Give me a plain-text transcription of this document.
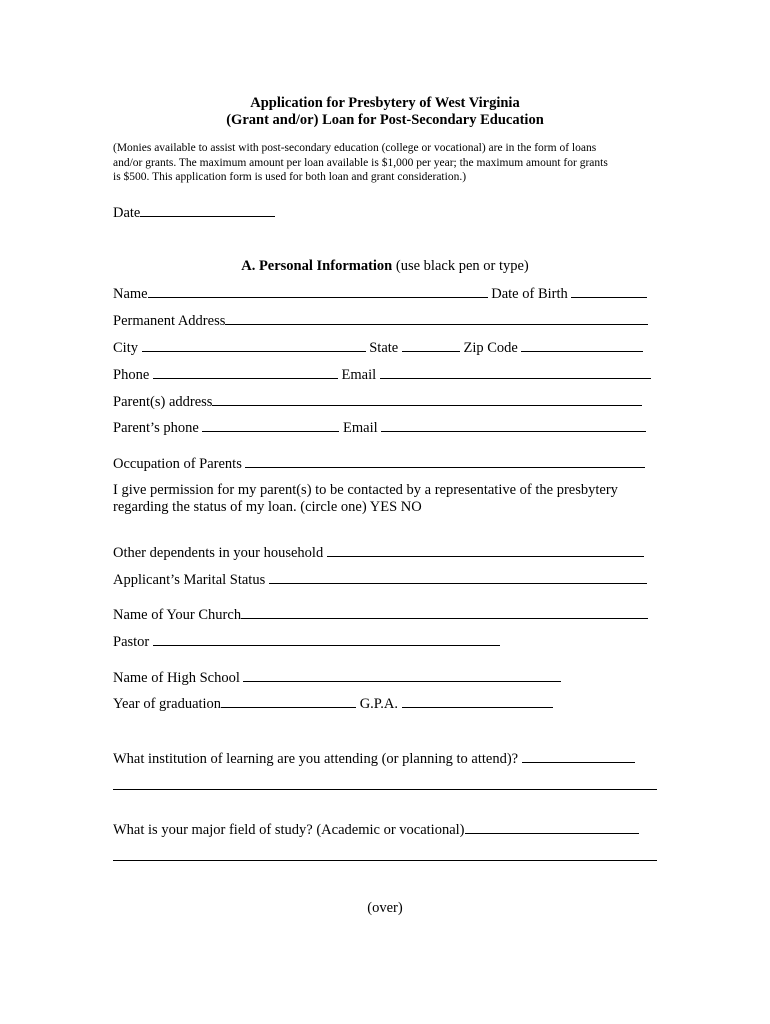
Application for Presbytery of West Virginia
(Grant and/or) Loan for Post-Secondary Education
(Monies available to assist with post-secondary education (college or vocational) are in the form of loans
and/or grants. The maximum amount per loan available is $1,000 per year; the maximum amount for grants
is $500. This application form is used for both loan and grant consideration.)
Date
A. Personal Information (use black pen or type)
Name	Date of Birth
Permanent Address
City	State	Zip Code
Phone	Email
Parent(s) address
Parent’s phone	Email
Occupation of Parents
I give permission for my parent(s) to be contacted by a representative of the presbytery
regarding the status of my loan. (circle one) YES NO
Other dependents in your household
Applicant’s Marital Status
Name of Your Church
Pastor
Name of High School
Year of graduation	G.P.A.
What institution of learning are you attending (or planning to attend)?
What is your major field of study? (Academic or vocational)
(over)
